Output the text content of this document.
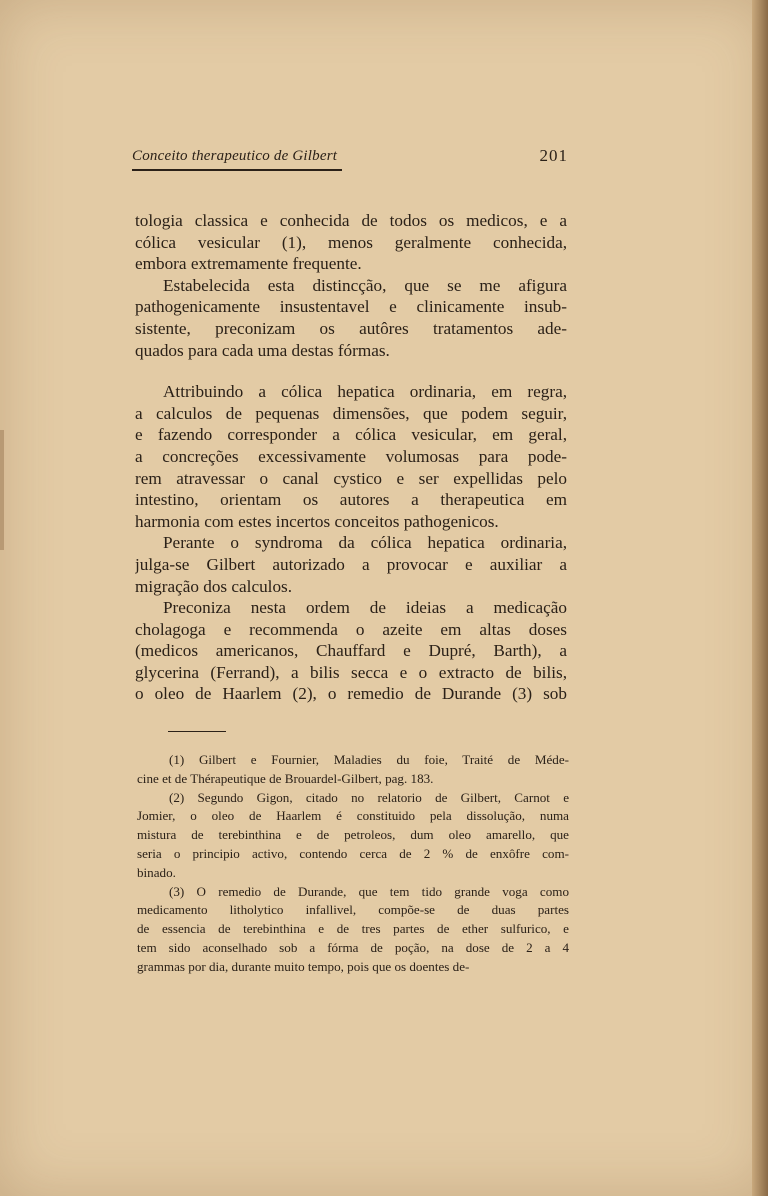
Conceito therapeutico de Gilbert	201
tologia classica e conhecida de todos os medicos, e a
cólica vesicular (1), menos geralmente conhecida,
embora extremamente frequente.
Estabelecida esta distincção, que se me afigura
pathogenicamente insustentavel e clinicamente insub-
sistente, preconizam os autôres tratamentos ade-
quados para cada uma destas fórmas.
Attribuindo a cólica hepatica ordinaria, em regra,
a calculos de pequenas dimensões, que podem seguir,
e fazendo corresponder a cólica vesicular, em geral,
a concreções excessivamente volumosas para pode-
rem atravessar o canal cystico e ser expellidas pelo
intestino, orientam os autores a therapeutica em
harmonia com estes incertos conceitos pathogenicos.
Perante o syndroma da cólica hepatica ordinaria,
julga-se Gilbert autorizado a provocar e auxiliar a
migração dos calculos.
Preconiza nesta ordem de ideias a medicação
cholagoga e recommenda o azeite em altas doses
(medicos americanos, Chauffard e Dupré, Barth), a
glycerina (Ferrand), a bilis secca e o extracto de bilis,
o oleo de Haarlem (2), o remedio de Durande (3) sob
(1) Gilbert e Fournier, Maladies du foie, Traité de Méde-
cine et de Thérapeutique de Brouardel-Gilbert, pag. 183.
(2) Segundo Gigon, citado no relatorio de Gilbert, Carnot e
Jomier, o oleo de Haarlem é constituido pela dissolução, numa
mistura de terebinthina e de petroleos, dum oleo amarello, que
seria o principio activo, contendo cerca de 2 % de enxôfre com-
binado.
(3) O remedio de Durande, que tem tido grande voga como
medicamento litholytico infallivel, compõe-se de duas partes
de essencia de terebinthina e de tres partes de ether sulfurico, e
tem sido aconselhado sob a fórma de poção, na dose de 2 a 4
grammas por dia, durante muito tempo, pois que os doentes de-
